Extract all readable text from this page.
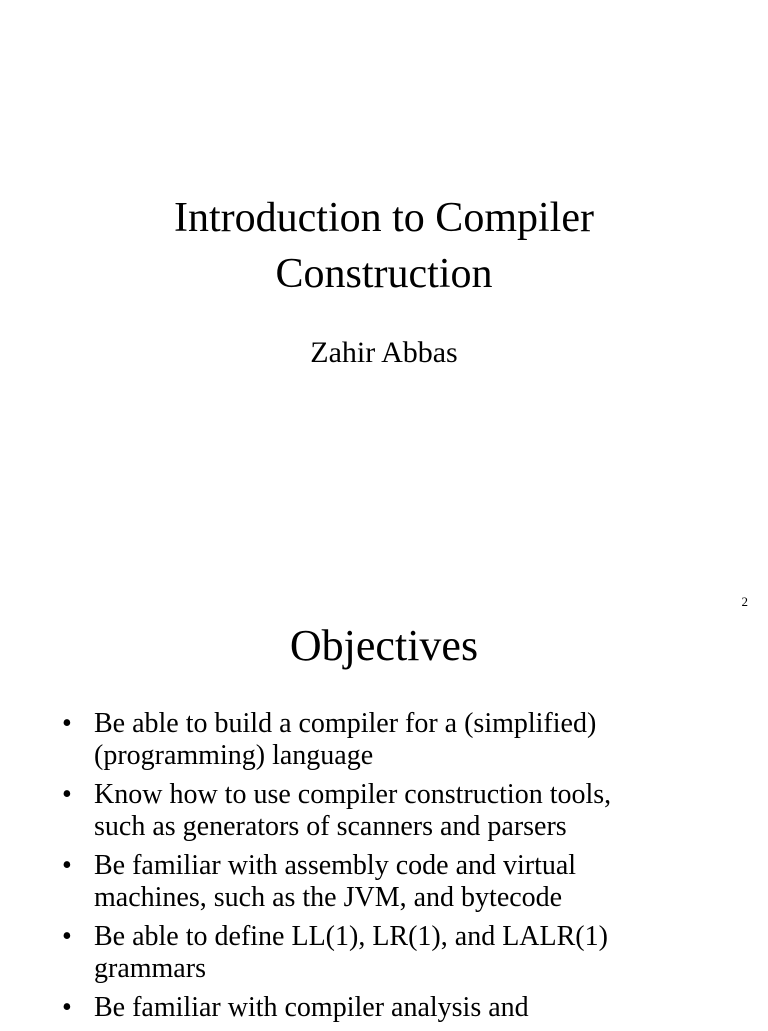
Introduction to Compiler
Construction
Zahir Abbas
2
Objectives
• Be able to build a compiler for a (simplified)
(programming) language
• Know how to use compiler construction tools,
such as generators of scanners and parsers
• Be familiar with assembly code and virtual
machines, such as the JVM, and bytecode
• Be able to define LL(1), LR(1), and LALR(1)
grammars
• Be familiar with compiler analysis and
